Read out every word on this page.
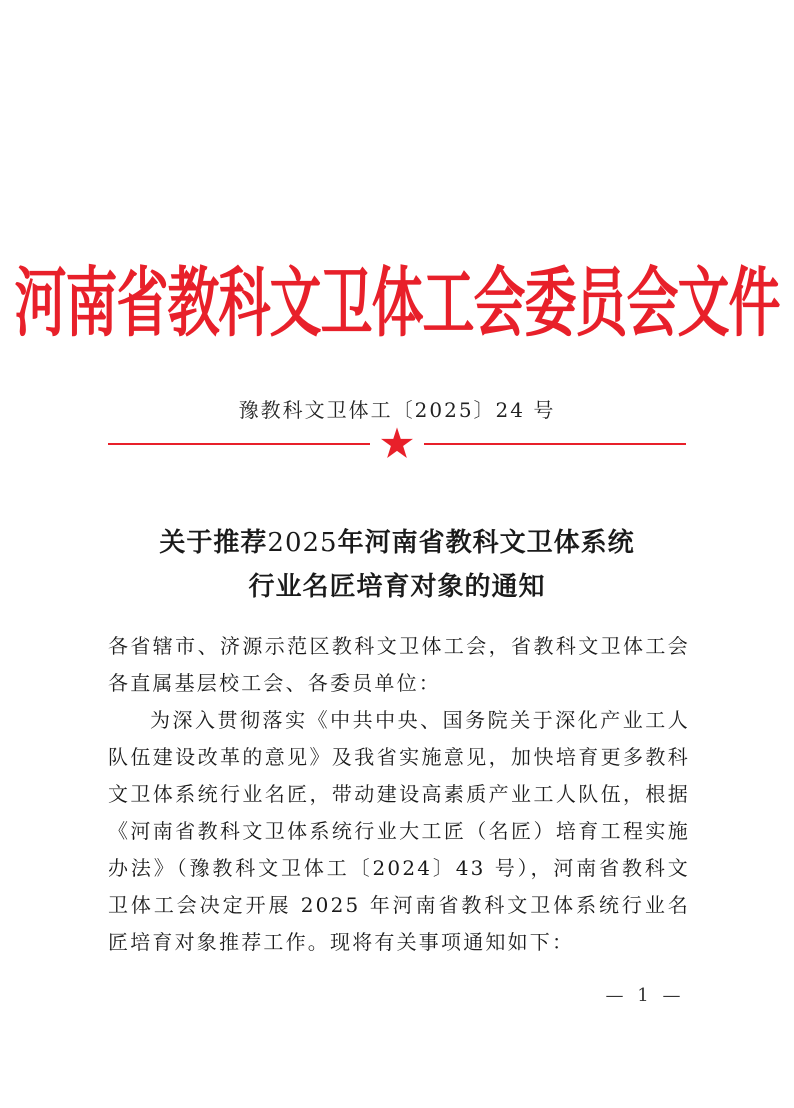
河南省教科文卫体工会委员会文件
豫教科文卫体工〔2025〕24 号
关于推荐2025年河南省教科文卫体系统
行业名匠培育对象的通知

各省辖市、济源示范区教科文卫体工会，省教科文卫体工会各直属基层校工会、各委员单位：

为深入贯彻落实《中共中央、国务院关于深化产业工人队伍建设改革的意见》及我省实施意见，加快培育更多教科文卫体系统行业名匠，带动建设高素质产业工人队伍，根据《河南省教科文卫体系统行业大工匠（名匠）培育工程实施办法》（豫教科文卫体工〔2024〕43 号），河南省教科文卫体工会决定开展 2025 年河南省教科文卫体系统行业名匠培育对象推荐工作。现将有关事项通知如下：

— 1 —
